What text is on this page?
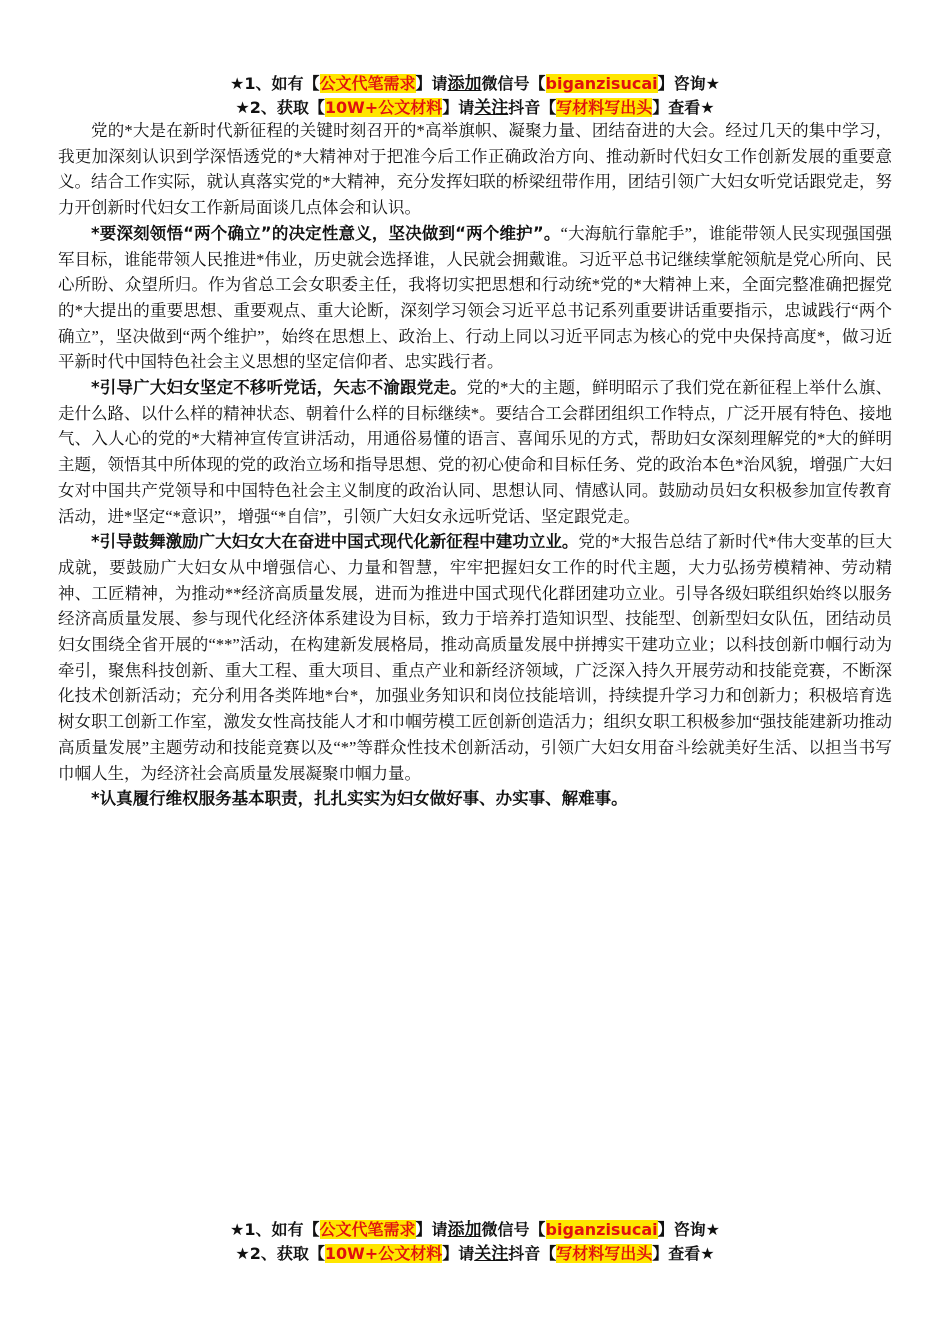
★1、如有【公文代笔需求】请添加微信号【biganzisucai】咨询★
★2、获取【10W+公文材料】请关注抖音【写材料写出头】查看★

党的*大是在新时代新征程的关键时刻召开的*高举旗帜、凝聚力量、团结奋进的大会。经过几天的集中学习，我更加深刻认识到学深悟透党的*大精神对于把准今后工作正确政治方向、推动新时代妇女工作创新发展的重要意义。结合工作实际，就认真落实党的*大精神，充分发挥妇联的桥梁纽带作用，团结引领广大妇女听党话跟党走，努力开创新时代妇女工作新局面谈几点体会和认识。

*要深刻领悟“两个确立”的决定性意义，坚决做到“两个维护”。“大海航行靠舵手”，谁能带领人民实现强国强军目标，谁能带领人民推进*伟业，历史就会选择谁，人民就会拥戴谁。习近平总书记继续掌舵领航是党心所向、民心所盼、众望所归。作为省总工会女职委主任，我将切实把思想和行动统*党的*大精神上来，全面完整准确把握党的*大提出的重要思想、重要观点、重大论断，深刻学习领会习近平总书记系列重要讲话重要指示，忠诚践行“两个确立”，坚决做到“两个维护”，始终在思想上、政治上、行动上同以习近平同志为核心的党中央保持高度*，做习近平新时代中国特色社会主义思想的坚定信仰者、忠实践行者。

*引导广大妇女坚定不移听党话，矢志不渝跟党走。党的*大的主题，鲜明昭示了我们党在新征程上举什么旗、走什么路、以什么样的精神状态、朝着什么样的目标继续*。要结合工会群团组织工作特点，广泛开展有特色、接地气、入人心的党的*大精神宣传宣讲活动，用通俗易懂的语言、喜闻乐见的方式，帮助妇女深刻理解党的*大的鲜明主题，领悟其中所体现的党的政治立场和指导思想、党的初心使命和目标任务、党的政治本色*治风貌，增强广大妇女对中国共产党领导和中国特色社会主义制度的政治认同、思想认同、情感认同。鼓励动员妇女积极参加宣传教育活动，进*坚定“*意识”，增强“*自信”，引领广大妇女永远听党话、坚定跟党走。

*引导鼓舞激励广大妇女大在奋进中国式现代化新征程中建功立业。党的*大报告总结了新时代*伟大变革的巨大成就，要鼓励广大妇女从中增强信心、力量和智慧，牢牢把握妇女工作的时代主题，大力弘扬劳模精神、劳动精神、工匠精神，为推动**经济高质量发展，进而为推进中国式现代化群团建功立业。引导各级妇联组织始终以服务经济高质量发展、参与现代化经济体系建设为目标，致力于培养打造知识型、技能型、创新型妇女队伍，团结动员妇女围绕全省开展的“**”活动，在构建新发展格局，推动高质量发展中拼搏实干建功立业；以科技创新巾帼行动为牵引，聚焦科技创新、重大工程、重大项目、重点产业和新经济领域，广泛深入持久开展劳动和技能竞赛，不断深化技术创新活动；充分利用各类阵地*台*，加强业务知识和岗位技能培训，持续提升学习力和创新力；积极培育选树女职工创新工作室，激发女性高技能人才和巾帼劳模工匠创新创造活力；组织女职工积极参加“强技能建新功推动高质量发展”主题劳动和技能竞赛以及“*”等群众性技术创新活动，引领广大妇女用奋斗绘就美好生活、以担当书写巾帼人生，为经济社会高质量发展凝聚巾帼力量。

*认真履行维权服务基本职责，扎扎实实为妇女做好事、办实事、解难事。

★1、如有【公文代笔需求】请添加微信号【biganzisucai】咨询★
★2、获取【10W+公文材料】请关注抖音【写材料写出头】查看★
